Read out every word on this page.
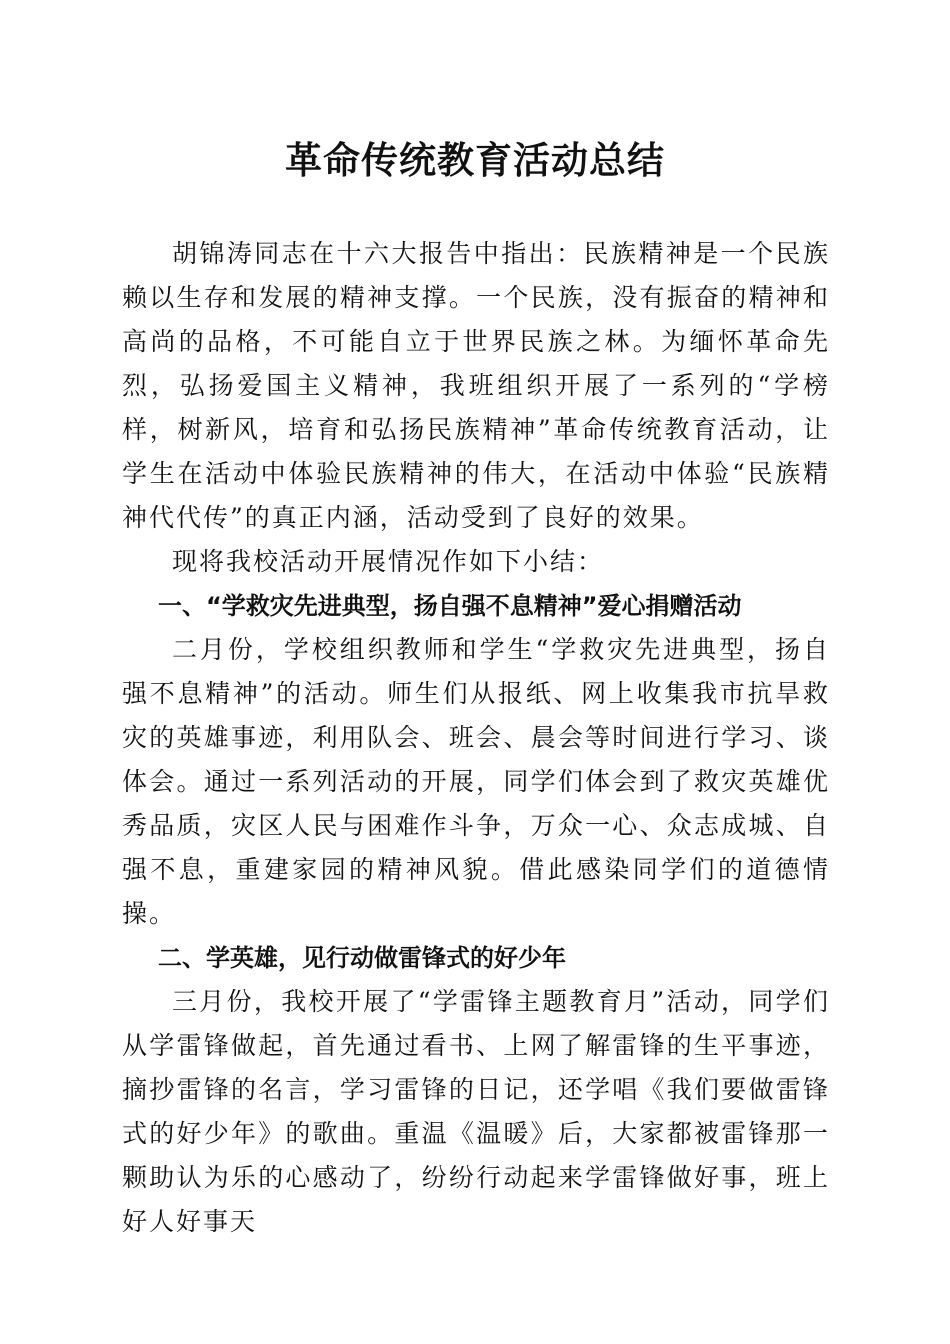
革命传统教育活动总结

胡锦涛同志在十六大报告中指出：民族精神是一个民族赖以生存和发展的精神支撑。一个民族，没有振奋的精神和高尚的品格，不可能自立于世界民族之林。为缅怀革命先烈，弘扬爱国主义精神，我班组织开展了一系列的“学榜样，树新风，培育和弘扬民族精神”革命传统教育活动，让学生在活动中体验民族精神的伟大，在活动中体验“民族精神代代传”的真正内涵，活动受到了良好的效果。

现将我校活动开展情况作如下小结：

一、“学救灾先进典型，扬自强不息精神”爱心捐赠活动

二月份，学校组织教师和学生“学救灾先进典型，扬自强不息精神”的活动。师生们从报纸、网上收集我市抗旱救灾的英雄事迹，利用队会、班会、晨会等时间进行学习、谈体会。通过一系列活动的开展，同学们体会到了救灾英雄优秀品质，灾区人民与困难作斗争，万众一心、众志成城、自强不息，重建家园的精神风貌。借此感染同学们的道德情操。

二、学英雄，见行动做雷锋式的好少年

三月份，我校开展了“学雷锋主题教育月”活动，同学们从学雷锋做起，首先通过看书、上网了解雷锋的生平事迹，摘抄雷锋的名言，学习雷锋的日记，还学唱《我们要做雷锋式的好少年》的歌曲。重温《温暖》后，大家都被雷锋那一颗助认为乐的心感动了，纷纷行动起来学雷锋做好事，班上好人好事天
